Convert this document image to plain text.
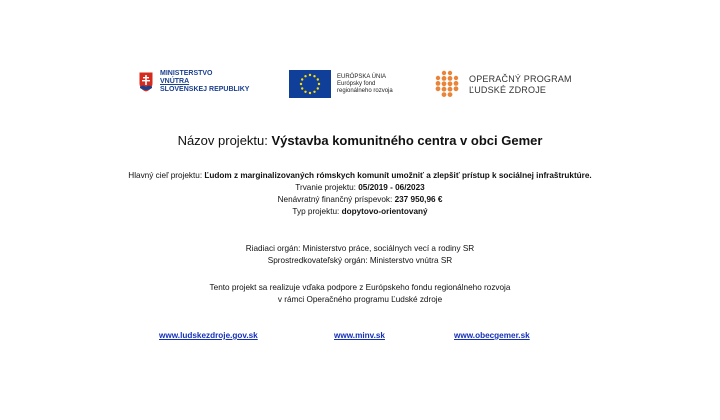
MINISTERSTVO
VNÚTRA
SLOVENSKEJ REPUBLIKY
EURÓPSKA ÚNIA
Európsky fond
regionálneho rozvoja
OPERAČNÝ PROGRAM
ĽUDSKÉ ZDROJE
Názov projektu: Výstavba komunitného centra v obci Gemer
Hlavný cieľ projektu: Ľudom z marginalizovaných rómskych komunít umožniť a zlepšiť prístup k sociálnej infraštruktúre.
Trvanie projektu: 05/2019 - 06/2023
Nenávratný finančný príspevok: 237 950,96 €
Typ projektu: dopytovo-orientovaný
Riadiaci orgán: Ministerstvo práce, sociálnych vecí a rodiny SR
Sprostredkovateľský orgán: Ministerstvo vnútra SR
Tento projekt sa realizuje vďaka podpore z Európskeho fondu regionálneho rozvoja
v rámci Operačného programu Ľudské zdroje
www.ludskezdroje.gov.sk	www.minv.sk	www.obecgemer.sk
